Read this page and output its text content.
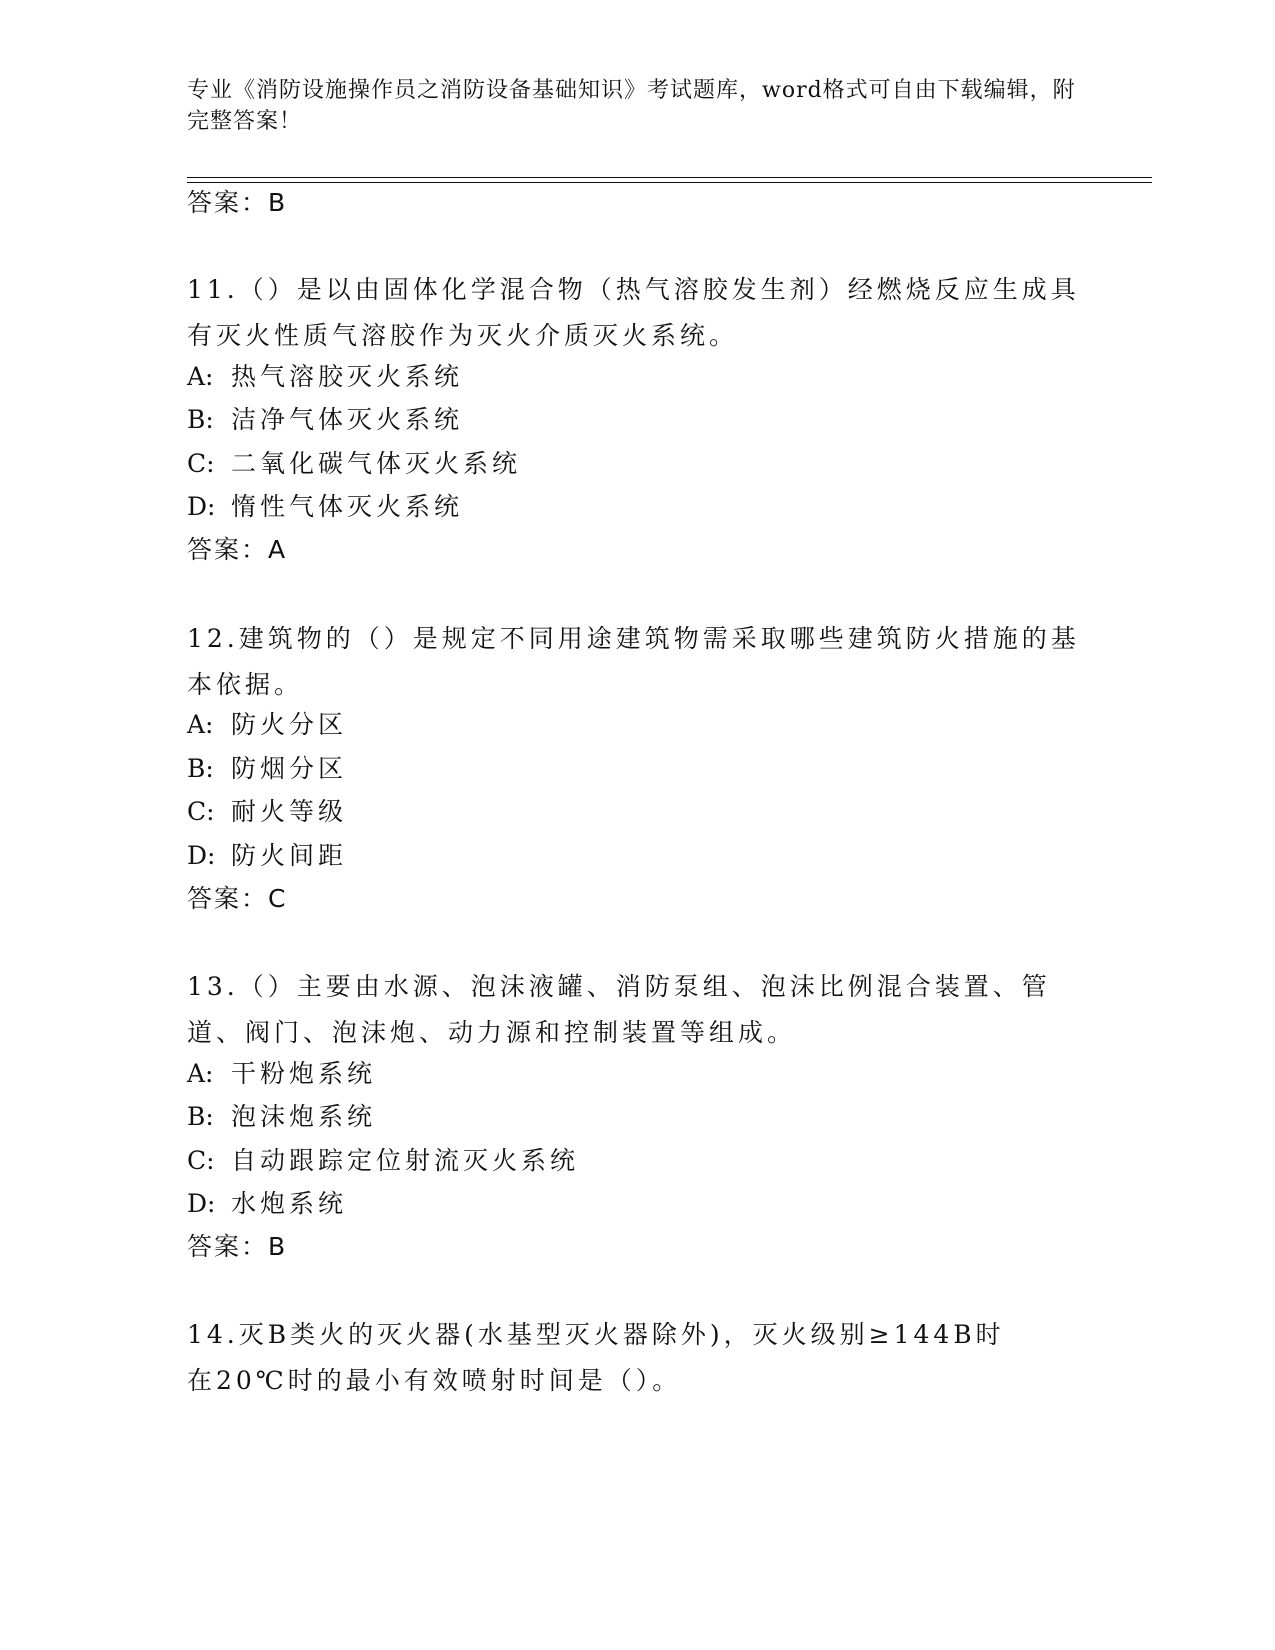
专业《消防设施操作员之消防设备基础知识》考试题库，word格式可自由下载编辑，附完整答案！
答案：B
11.（）是以由固体化学混合物（热气溶胶发生剂）经燃烧反应生成具有灭火性质气溶胶作为灭火介质灭火系统。
A: 热气溶胶灭火系统
B: 洁净气体灭火系统
C: 二氧化碳气体灭火系统
D: 惰性气体灭火系统
答案：A
12.建筑物的（）是规定不同用途建筑物需采取哪些建筑防火措施的基本依据。
A: 防火分区
B: 防烟分区
C: 耐火等级
D: 防火间距
答案：C
13.（）主要由水源、泡沫液罐、消防泵组、泡沫比例混合装置、管道、阀门、泡沫炮、动力源和控制装置等组成。
A: 干粉炮系统
B: 泡沫炮系统
C: 自动跟踪定位射流灭火系统
D: 水炮系统
答案：B
14.灭B类火的灭火器(水基型灭火器除外)，灭火级别≥144B时在20℃时的最小有效喷射时间是（）。
